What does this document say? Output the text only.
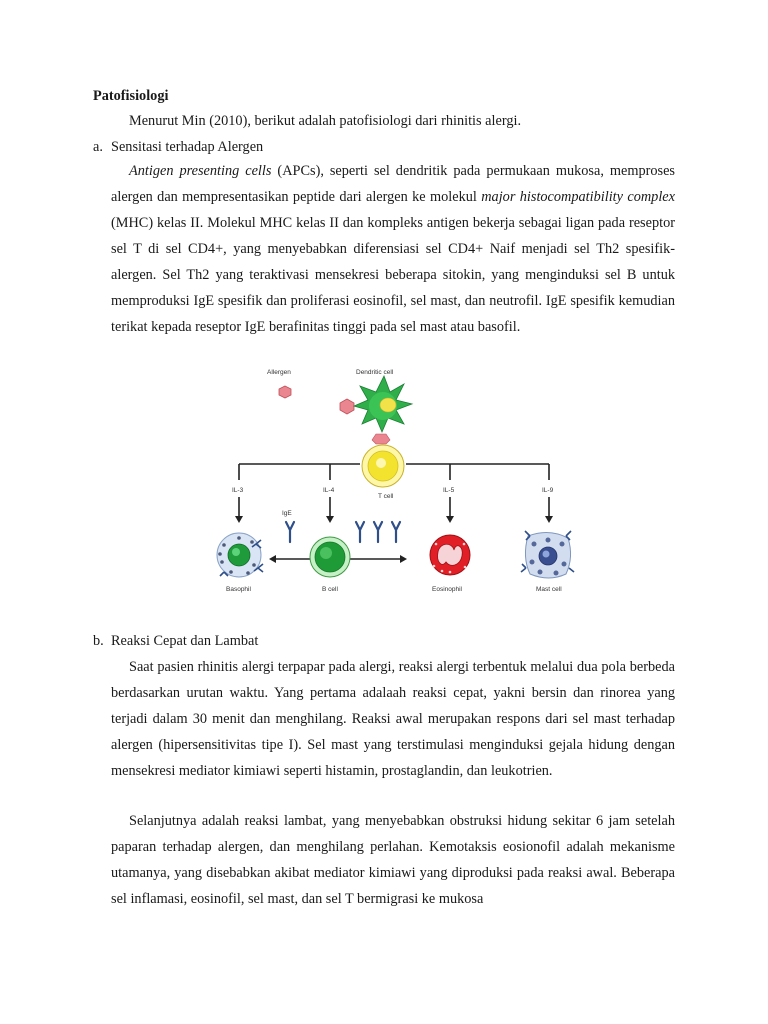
Patofisiologi

Menurut Min (2010), berikut adalah patofisiologi dari rhinitis alergi.

a. Sensitasi terhadap Alergen

Antigen presenting cells (APCs), seperti sel dendritik pada permukaan mukosa, memproses alergen dan mempresentasikan peptide dari alergen ke molekul major histocompatibility complex (MHC) kelas II. Molekul MHC kelas II dan kompleks antigen bekerja sebagai ligan pada reseptor sel T di sel CD4+, yang menyebabkan diferensiasi sel CD4+ Naif menjadi sel Th2 spesifik-alergen. Sel Th2 yang teraktivasi mensekresi beberapa sitokin, yang menginduksi sel B untuk memproduksi IgE spesifik dan proliferasi eosinofil, sel mast, dan neutrofil. IgE spesifik kemudian terikat kepada reseptor IgE berafinitas tinggi pada sel mast atau basofil.

Allergen	Dendritic cell
T cell
IL-3	IL-4	IL-5	IL-9
IgE
Basophil	B cell	Eosinophil	Mast cell
b. Reaksi Cepat dan Lambat

Saat pasien rhinitis alergi terpapar pada alergi, reaksi alergi terbentuk melalui dua pola berbeda berdasarkan urutan waktu. Yang pertama adalaah reaksi cepat, yakni bersin dan rinorea yang terjadi dalam 30 menit dan menghilang. Reaksi awal merupakan respons dari sel mast terhadap alergen (hipersensitivitas tipe I). Sel mast yang terstimulasi menginduksi gejala hidung dengan mensekresi mediator kimiawi seperti histamin, prostaglandin, dan leukotrien.

Selanjutnya adalah reaksi lambat, yang menyebabkan obstruksi hidung sekitar 6 jam setelah paparan terhadap alergen, dan menghilang perlahan. Kemotaksis eosionofil adalah mekanisme utamanya, yang disebabkan akibat mediator kimiawi yang diproduksi pada reaksi awal. Beberapa sel inflamasi, eosinofil, sel mast, dan sel T bermigrasi ke mukosa
